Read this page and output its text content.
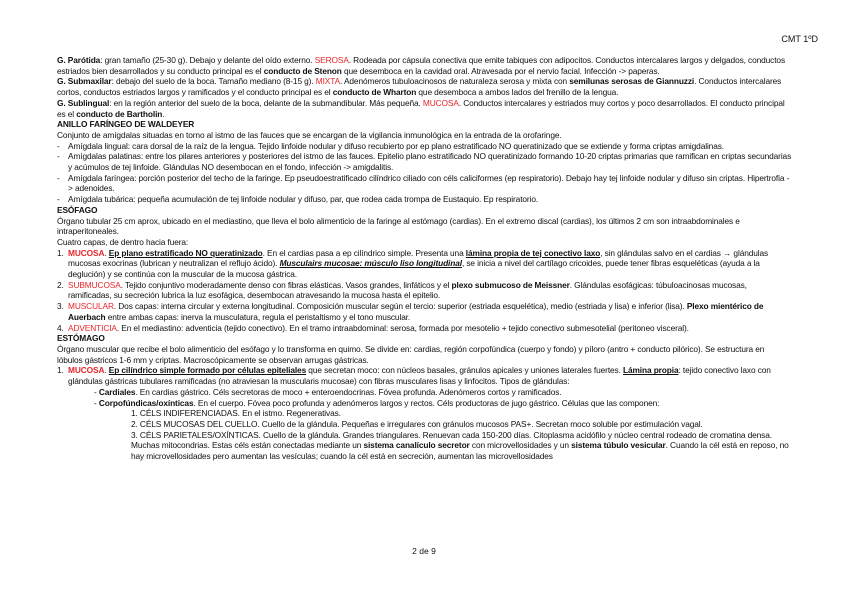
CMT 1ºD

G. Parótida: gran tamaño (25-30 g). Debajo y delante del oído externo. SEROSA. Rodeada por cápsula conectiva que emite tabiques con adipocitos. Conductos intercalares largos y delgados, conductos estriados bien desarrollados y su conducto principal es el conducto de Stenon que desemboca en la cavidad oral. Atravesada por el nervio facial. Infección -> paperas.

G. Submaxilar: debajo del suelo de la boca. Tamaño mediano (8-15 g). MIXTA. Adenómeros tubuloacinosos de naturaleza serosa y mixta con semilunas serosas de Giannuzzi. Conductos intercalares cortos, conductos estriados largos y ramificados y el conducto principal es el conducto de Wharton que desemboca a ambos lados del frenillo de la lengua.

G. Sublingual: en la región anterior del suelo de la boca, delante de la submandibular. Más pequeña. MUCOSA. Conductos intercalares y estriados muy cortos y poco desarrollados. El conducto principal es el conducto de Bartholin.

ANILLO FARÍNGEO DE WALDEYER

Conjunto de amígdalas situadas en torno al istmo de las fauces que se encargan de la vigilancia inmunológica en la entrada de la orofaringe.

- Amígdala lingual: cara dorsal de la raíz de la lengua. Tejido linfoide nodular y difuso recubierto por ep plano estratificado NO queratinizado que se extiende y forma criptas amigdalinas.
- Amígdalas palatinas: entre los pilares anteriores y posteriores del istmo de las fauces. Epitelio plano estratificado NO queratinizado formando 10-20 criptas primarias que ramifican en criptas secundarias y acúmulos de tej linfoide. Glándulas NO desembocan en el fondo, infección -> amigdalitis.
- Amígdala faríngea: porción posterior del techo de la faringe. Ep pseudoestratificado cilíndrico ciliado con céls caliciformes (ep respiratorio). Debajo hay tej linfoide nodular y difuso sin criptas. Hipertrofia -> adenoides.
- Amígdala tubárica: pequeña acumulación de tej linfoide nodular y difuso, par, que rodea cada trompa de Eustaquio. Ep respiratorio.

ESÓFAGO

Órgano tubular 25 cm aprox, ubicado en el mediastino, que lleva el bolo alimenticio de la faringe al estómago (cardias). En el extremo discal (cardias), los últimos 2 cm son intraabdominales e intraperitoneales.

Cuatro capas, de dentro hacia fuera:

1. MUCOSA. Ep plano estratificado NO queratinizado. En el cardias pasa a ep cilíndrico simple. Presenta una lámina propia de tej conectivo laxo, sin glándulas salvo en el cardias → glándulas mucosas exocrinas (lubrican y neutralizan el reflujo ácido). Musculairs mucosae: músculo liso longitudinal, se inicia a nivel del cartílago cricoides, puede tener fibras esqueléticas (ayuda a la deglución) y se continúa con la muscular de la mucosa gástrica.
2. SUBMUCOSA. Tejido conjuntivo moderadamente denso con fibras elásticas. Vasos grandes, linfáticos y el plexo submucoso de Meissner. Glándulas esofágicas: túbuloacinosas mucosas, ramificadas, su secreción lubrica la luz esofágica, desembocan atravesando la mucosa hasta el epitelio.
3. MUSCULAR. Dos capas: interna circular y externa longitudinal. Composición muscular según el tercio: superior (estriada esquelética), medio (estriada y lisa) e inferior (lisa). Plexo mientérico de Auerbach entre ambas capas: inerva la musculatura, regula el peristaltismo y el tono muscular.
4. ADVENTICIA. En el mediastino: adventicia (tejido conectivo). En el tramo intraabdominal: serosa, formada por mesotelio + tejido conectivo submesotelial (peritoneo visceral).

ESTÓMAGO

Órgano muscular que recibe el bolo alimenticio del esófago y lo transforma en quimo. Se divide en: cardias, región corpofúndica (cuerpo y fondo) y píloro (antro + conducto pilórico). Se estructura en lóbulos gástricos 1-6 mm y criptas. Macroscópicamente se observan arrugas gástricas.

1. MUCOSA. Ep cilíndrico simple formado por células epiteliales que secretan moco: con núcleos basales, gránulos apicales y uniones laterales fuertes. Lámina propia: tejido conectivo laxo con glándulas gástricas tubulares ramificadas (no atraviesan la muscularis mucosae) con fibras musculares lisas y linfocitos. Tipos de glándulas:
- Cardiales. En cardias gástrico. Céls secretoras de moco + enteroendocrinas. Fóvea profunda. Adenómeros cortos y ramificados.
- Corpofúndicas/oxínticas. En el cuerpo. Fóvea poco profunda y adenómeros largos y rectos. Céls productoras de jugo gástrico. Células que las componen:
1. CÉLS INDIFERENCIADAS. En el istmo. Regenerativas.
2. CÉLS MUCOSAS DEL CUELLO. Cuello de la glándula. Pequeñas e irregulares con gránulos mucosos PAS+. Secretan moco soluble por estimulación vagal.
3. CÉLS PARIETALES/OXÍNTICAS. Cuello de la glándula. Grandes triangulares. Renuevan cada 150-200 días. Citoplasma acidófilo y núcleo central rodeado de cromatina densa. Muchas mitocondrias. Estas céls están conectadas mediante un sistema canalículo secretor con microvellosidades y un sistema túbulo vesicular. Cuando la cél está en reposo, no hay microvellosidades pero aumentan las vesículas; cuando la cél está en secreción, aumentan las microvellosidades
2 de 9
